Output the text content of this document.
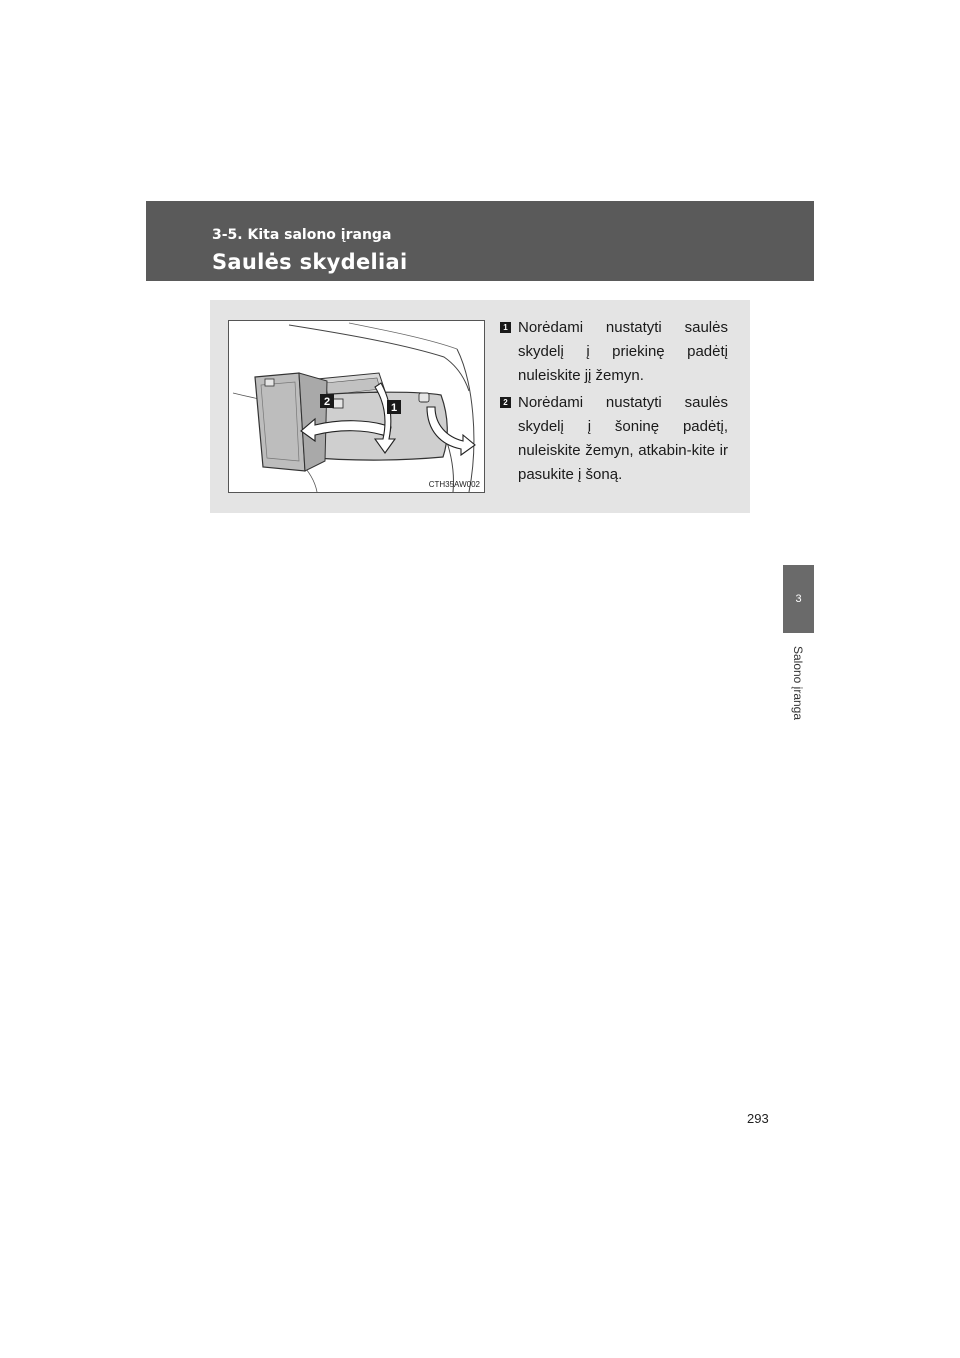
3-5. Kita salono įranga
Saulės skydeliai
3
Salono įranga
2	1
CTH35AW002
1 Norėdami nustatyti saulės skydelį į priekinę padėtį nuleiskite jį žemyn.
2 Norėdami nustatyti saulės skydelį į šoninę padėtį, nuleiskite žemyn, atkabin-kite ir pasukite į šoną.
293
